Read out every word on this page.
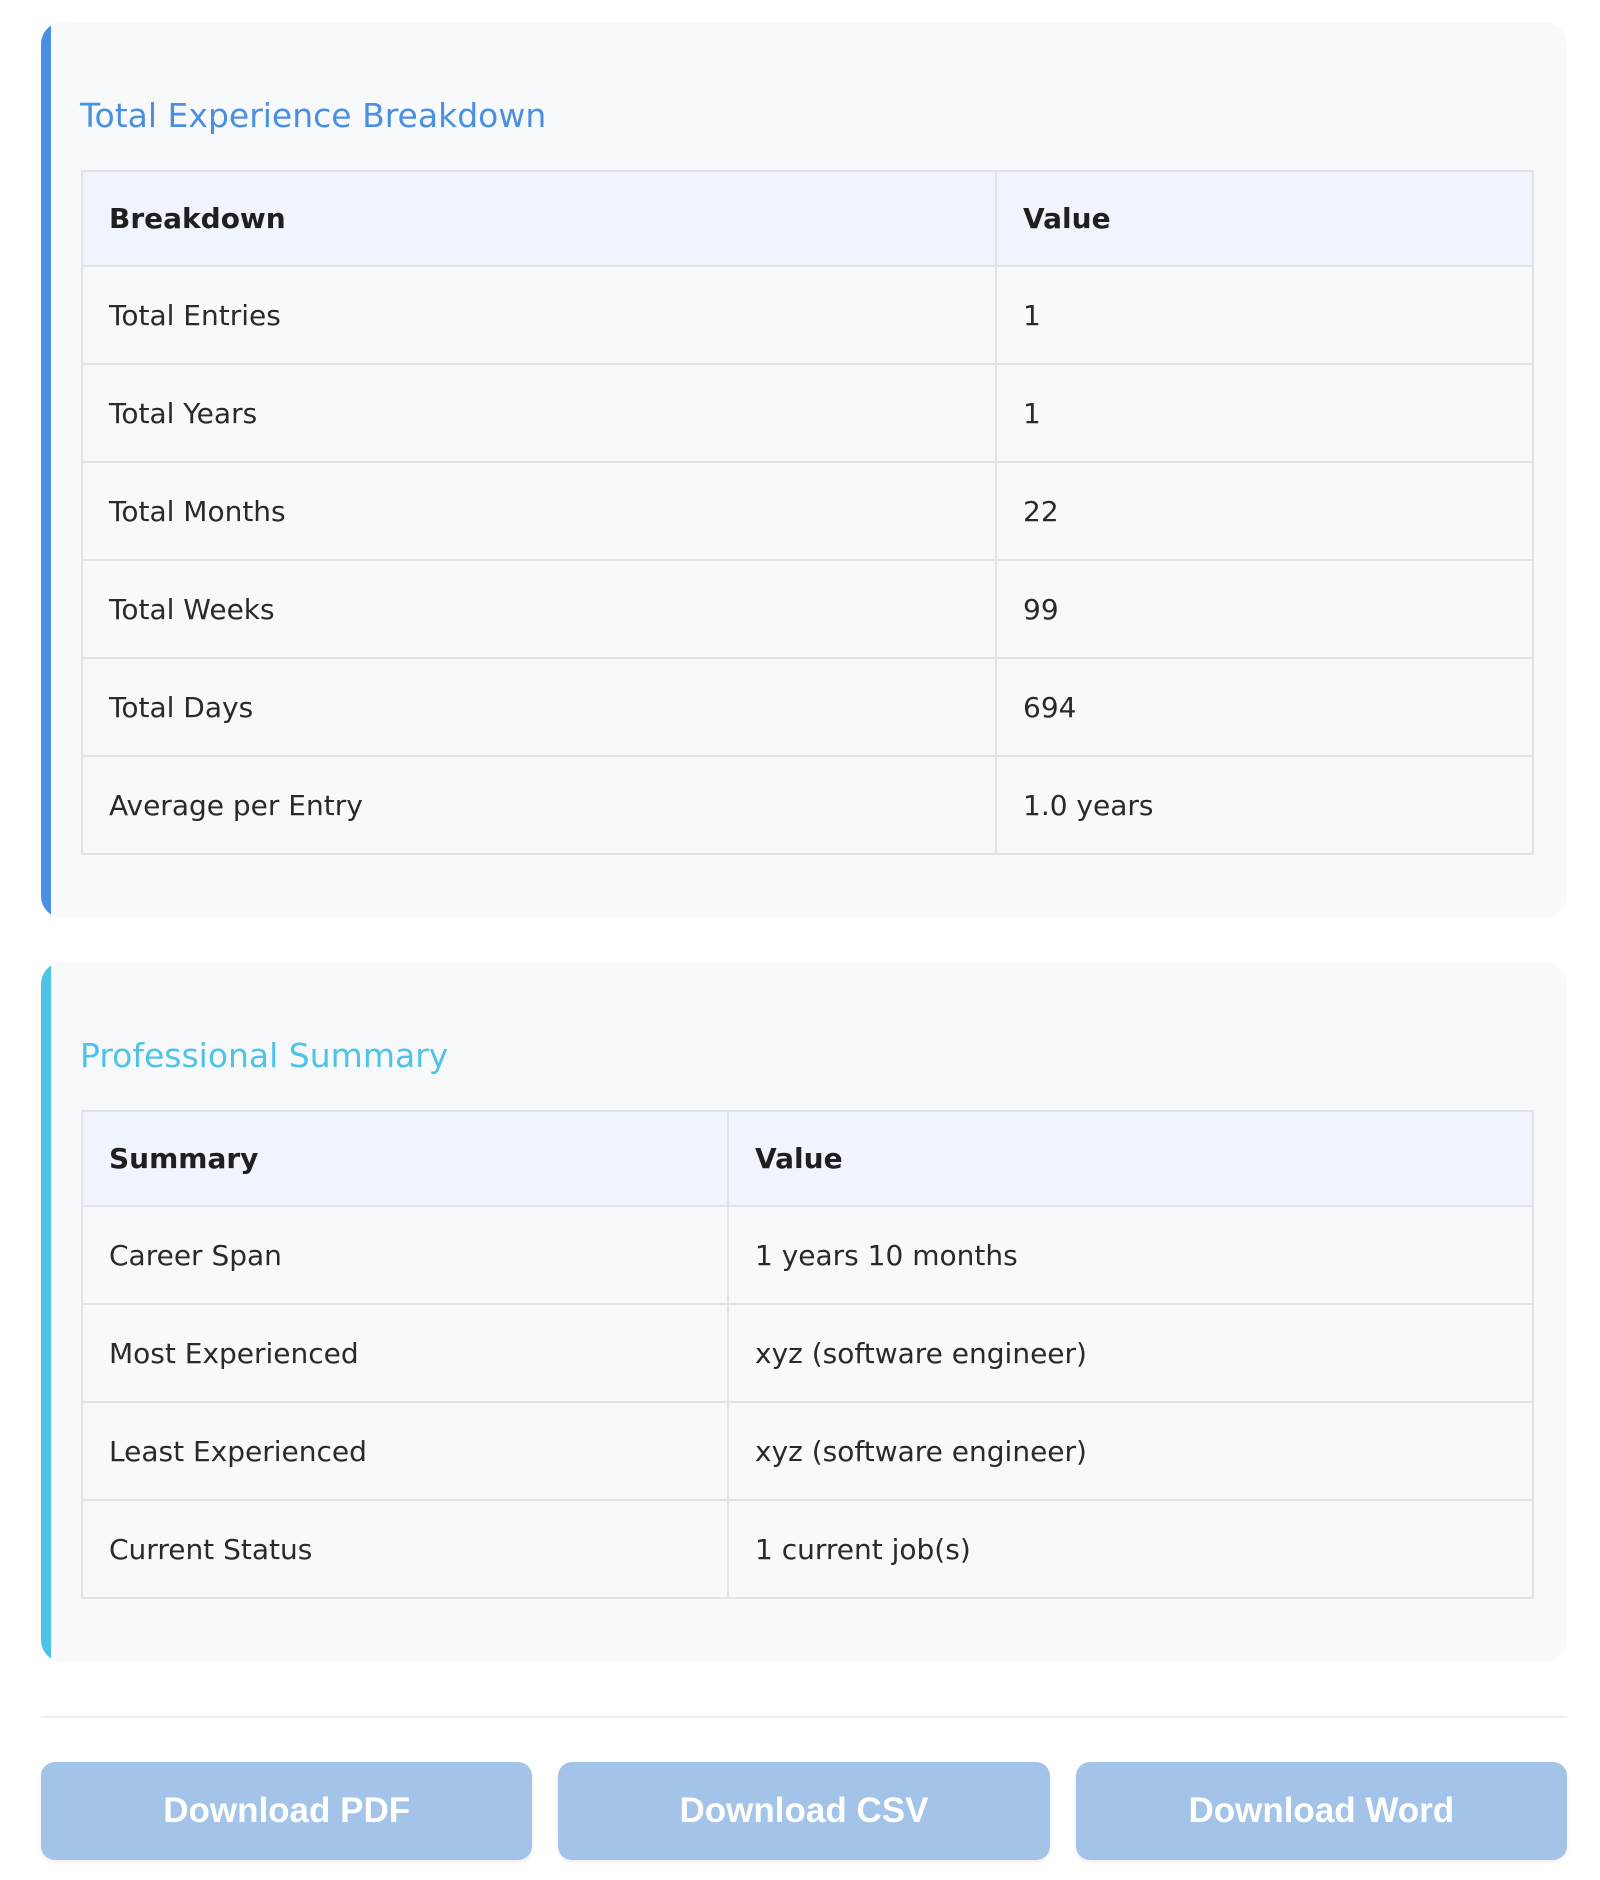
Total Experience Breakdown
Breakdown	Value
Total Entries	1
Total Years	1
Total Months	22
Total Weeks	99
Total Days	694
Average per Entry	1.0 years
Professional Summary
Summary	Value
Career Span	1 years 10 months
Most Experienced	xyz (software engineer)
Least Experienced	xyz (software engineer)
Current Status	1 current job(s)
Download PDF	Download CSV	Download Word
